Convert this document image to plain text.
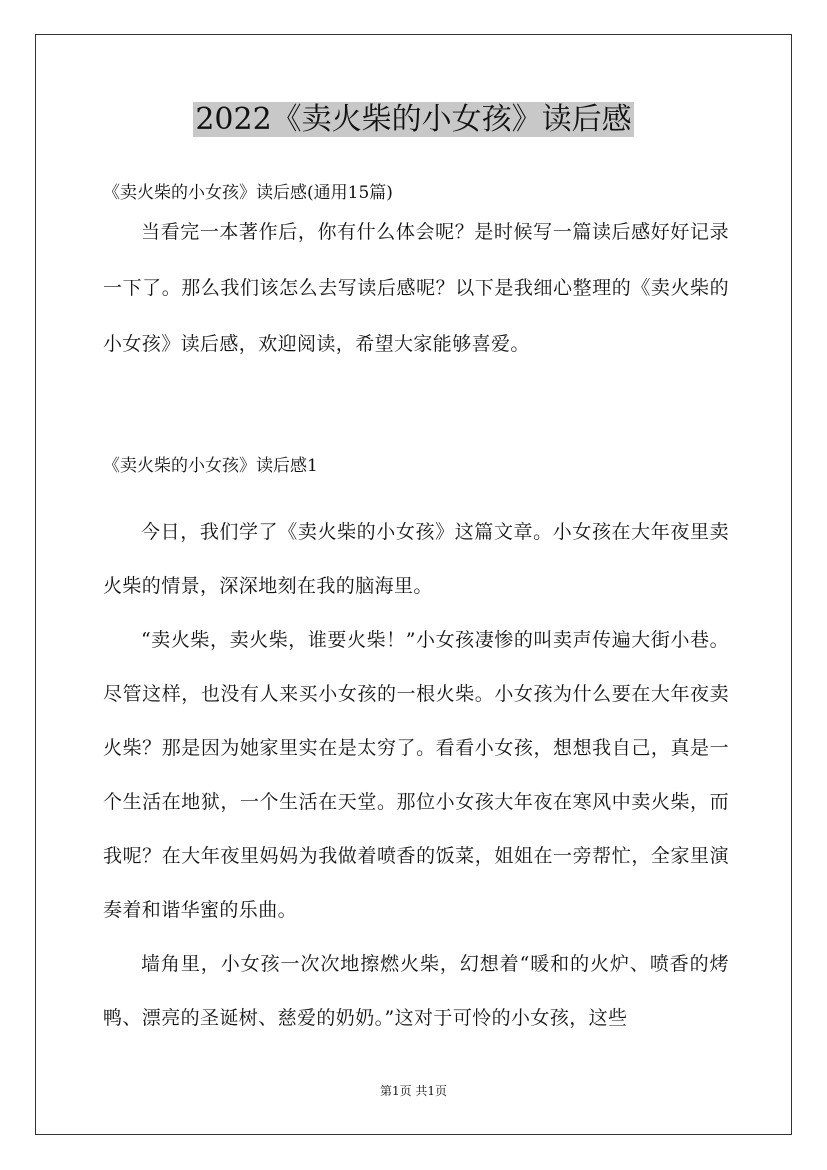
2022《卖火柴的小女孩》读后感
《卖火柴的小女孩》读后感(通用15篇)

当看完一本著作后，你有什么体会呢？是时候写一篇读后感好好记录一下了。那么我们该怎么去写读后感呢？以下是我细心整理的《卖火柴的小女孩》读后感，欢迎阅读，希望大家能够喜爱。

《卖火柴的小女孩》读后感1

今日，我们学了《卖火柴的小女孩》这篇文章。小女孩在大年夜里卖火柴的情景，深深地刻在我的脑海里。

“卖火柴，卖火柴，谁要火柴！”小女孩凄惨的叫卖声传遍大街小巷。尽管这样，也没有人来买小女孩的一根火柴。小女孩为什么要在大年夜卖火柴？那是因为她家里实在是太穷了。看看小女孩，想想我自己，真是一个生活在地狱，一个生活在天堂。那位小女孩大年夜在寒风中卖火柴，而我呢？在大年夜里妈妈为我做着喷香的饭菜，姐姐在一旁帮忙，全家里演奏着和谐华蜜的乐曲。

墙角里，小女孩一次次地擦燃火柴，幻想着“暖和的火炉、喷香的烤鸭、漂亮的圣诞树、慈爱的奶奶。”这对于可怜的小女孩，这些

第1页 共1页
